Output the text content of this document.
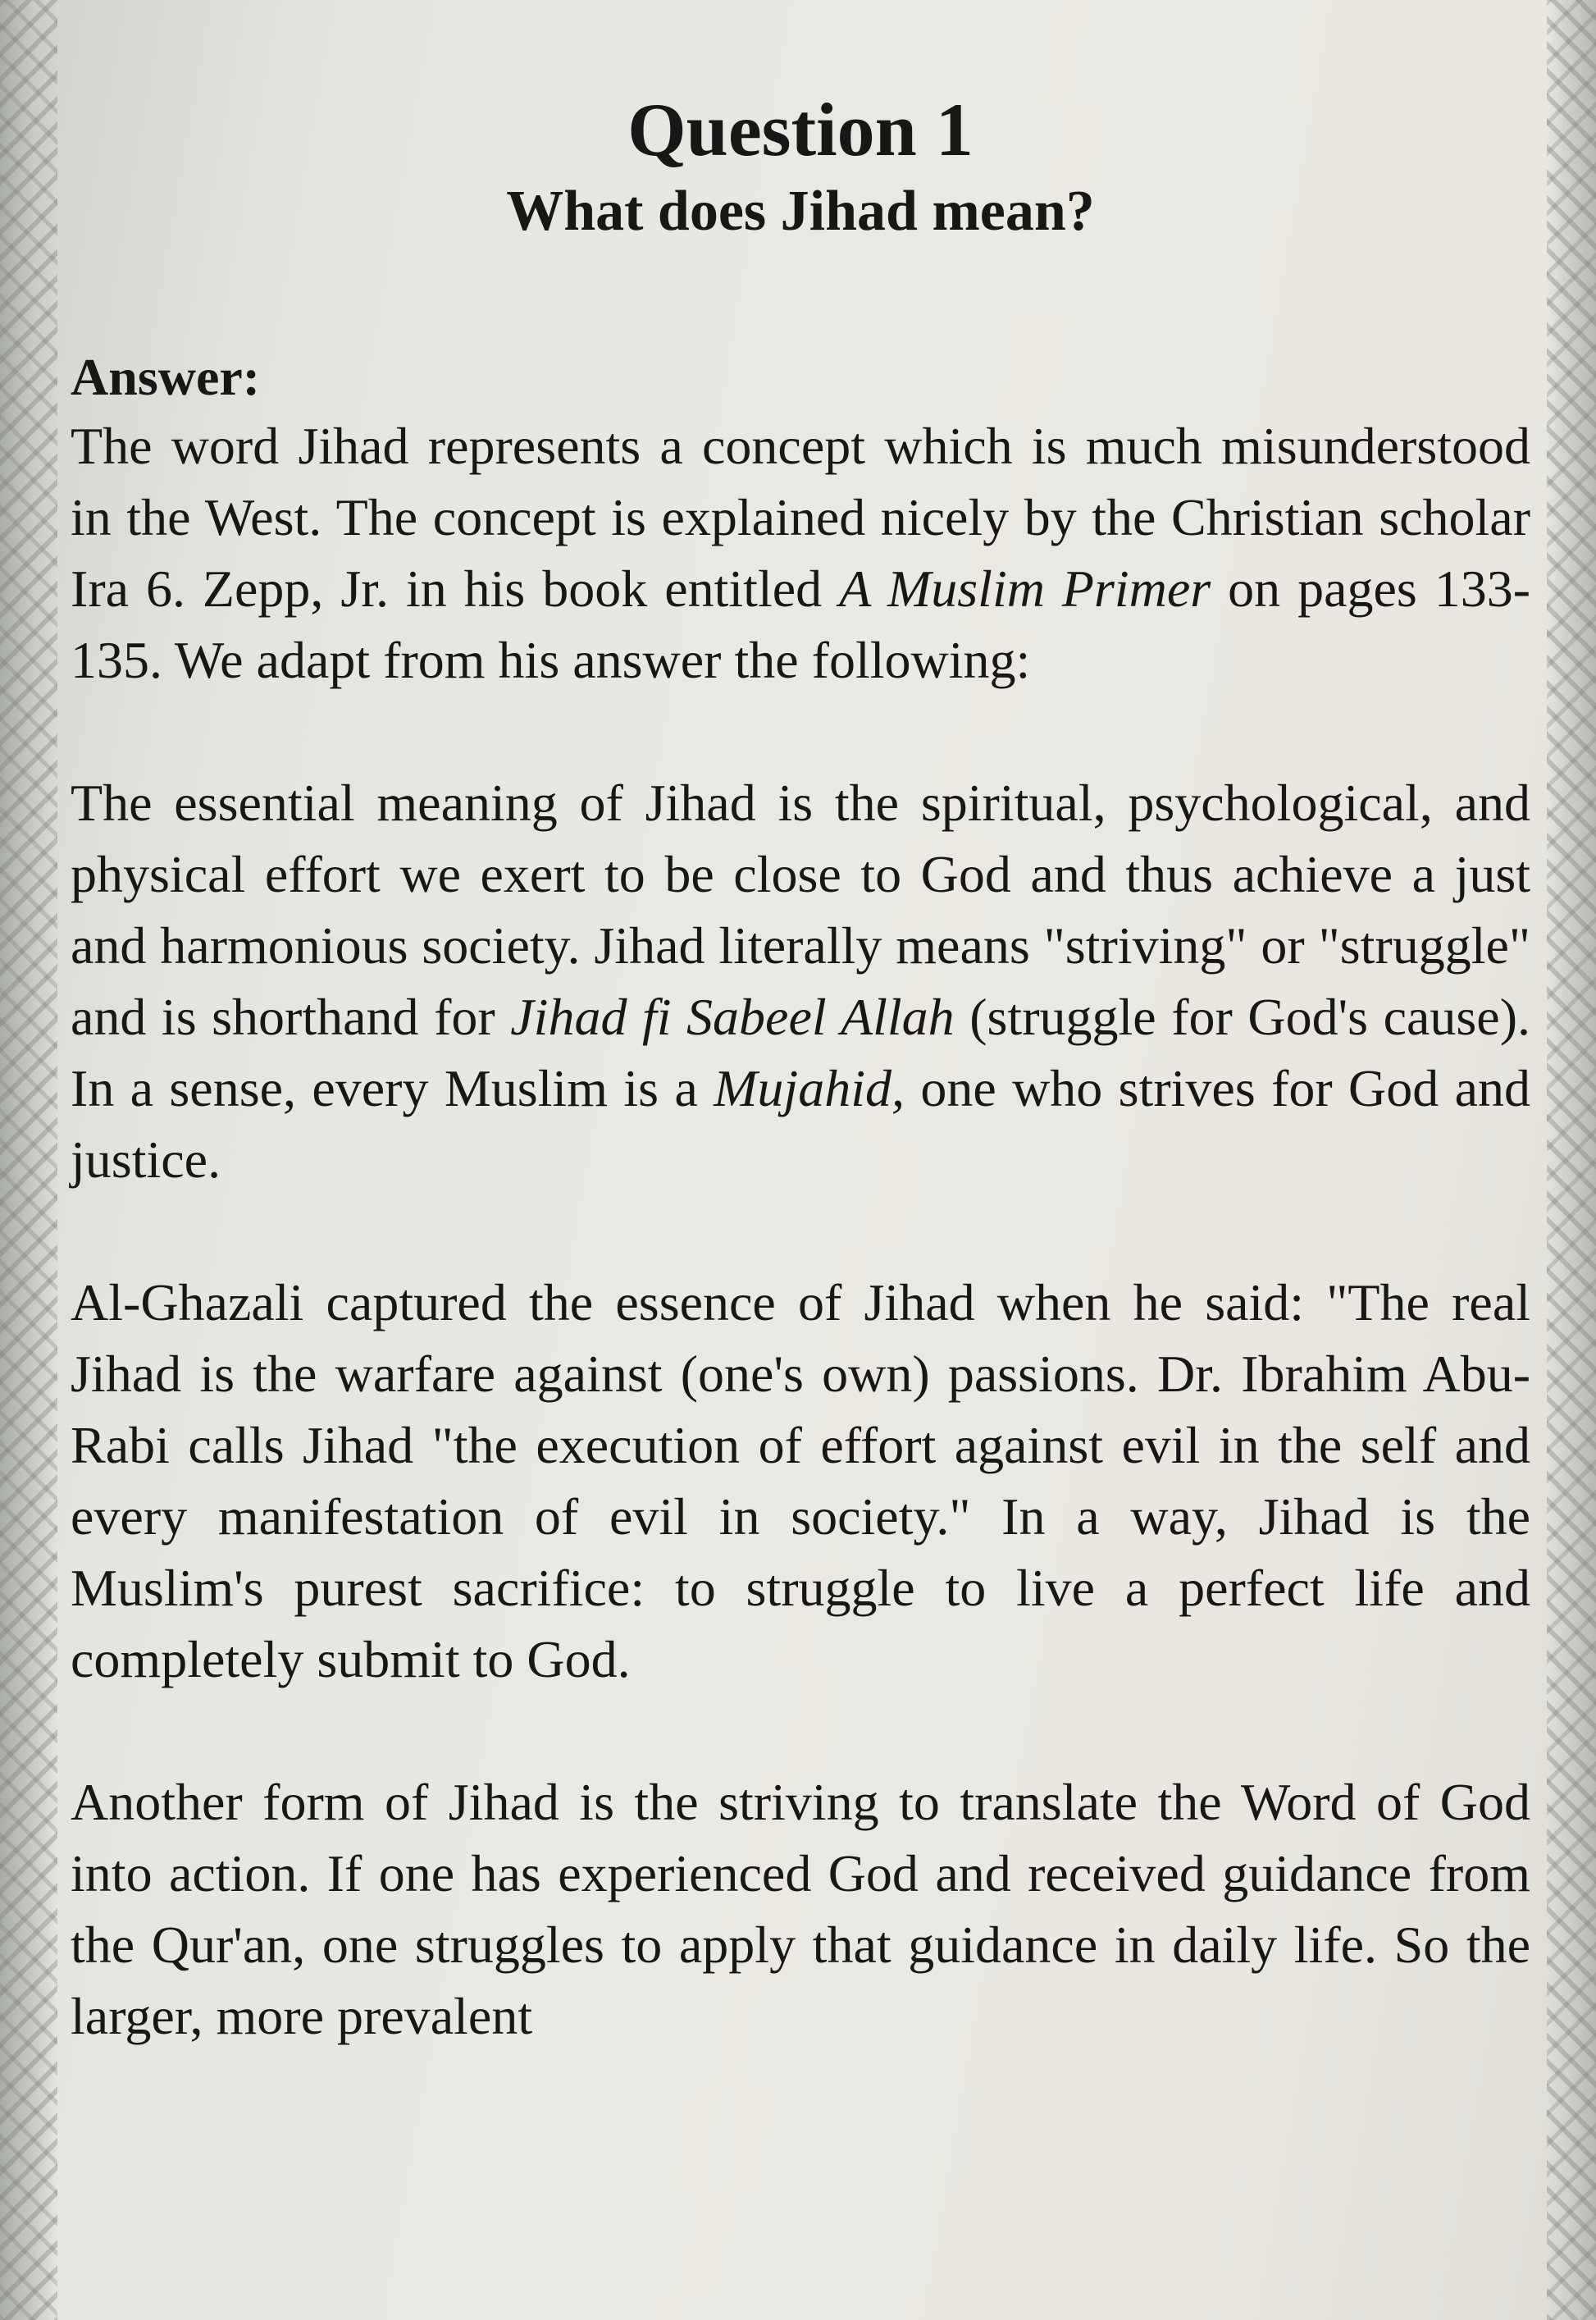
Question 1
What does Jihad mean?
Answer:

The word Jihad represents a concept which is much misunderstood in the West. The concept is explained nicely by the Christian scholar Ira 6. Zepp, Jr. in his book entitled A Muslim Primer on pages 133-135. We adapt from his answer the following:

The essential meaning of Jihad is the spiritual, psychological, and physical effort we exert to be close to God and thus achieve a just and harmonious society. Jihad literally means "striving" or "struggle" and is shorthand for Jihad fi Sabeel Allah (struggle for God's cause). In a sense, every Muslim is a Mujahid, one who strives for God and justice.

Al-Ghazali captured the essence of Jihad when he said: "The real Jihad is the warfare against (one's own) passions. Dr. Ibrahim Abu-Rabi calls Jihad "the execution of effort against evil in the self and every manifestation of evil in society." In a way, Jihad is the Muslim's purest sacrifice: to struggle to live a perfect life and completely submit to God.

Another form of Jihad is the striving to translate the Word of God into action. If one has experienced God and received guidance from the Qur'an, one struggles to apply that guidance in daily life. So the larger, more prevalent
